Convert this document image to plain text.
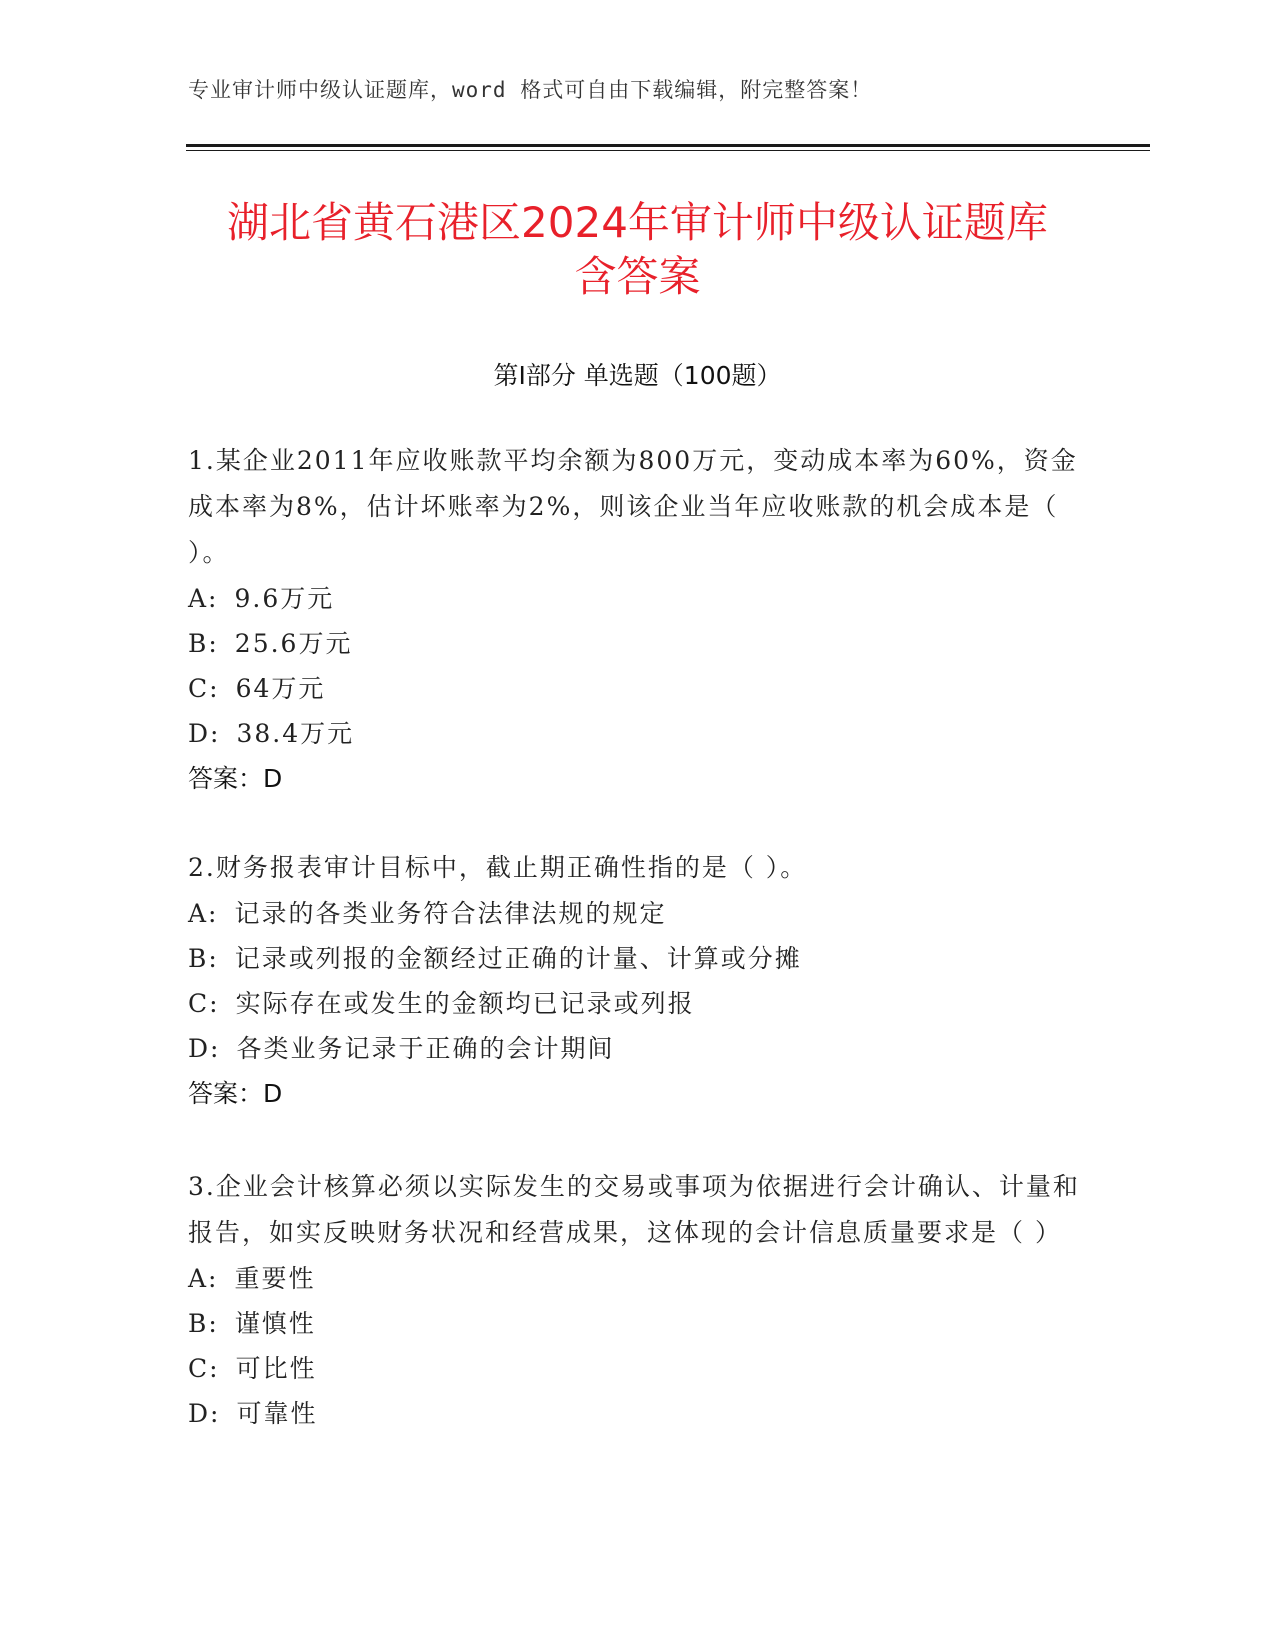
专业审计师中级认证题库，word 格式可自由下载编辑，附完整答案！
湖北省黄石港区2024年审计师中级认证题库
含答案
第Ⅰ部分 单选题（100题）
1.某企业2011年应收账款平均余额为800万元，变动成本率为60%，资金成本率为8%，估计坏账率为2%，则该企业当年应收账款的机会成本是（ ）。
A: 9.6万元
B: 25.6万元
C: 64万元
D: 38.4万元
答案：D
2.财务报表审计目标中，截止期正确性指的是（ ）。
A: 记录的各类业务符合法律法规的规定
B: 记录或列报的金额经过正确的计量、计算或分摊
C: 实际存在或发生的金额均已记录或列报
D: 各类业务记录于正确的会计期间
答案：D
3.企业会计核算必须以实际发生的交易或事项为依据进行会计确认、计量和报告，如实反映财务状况和经营成果，这体现的会计信息质量要求是（ ）
A: 重要性
B: 谨慎性
C: 可比性
D: 可靠性
